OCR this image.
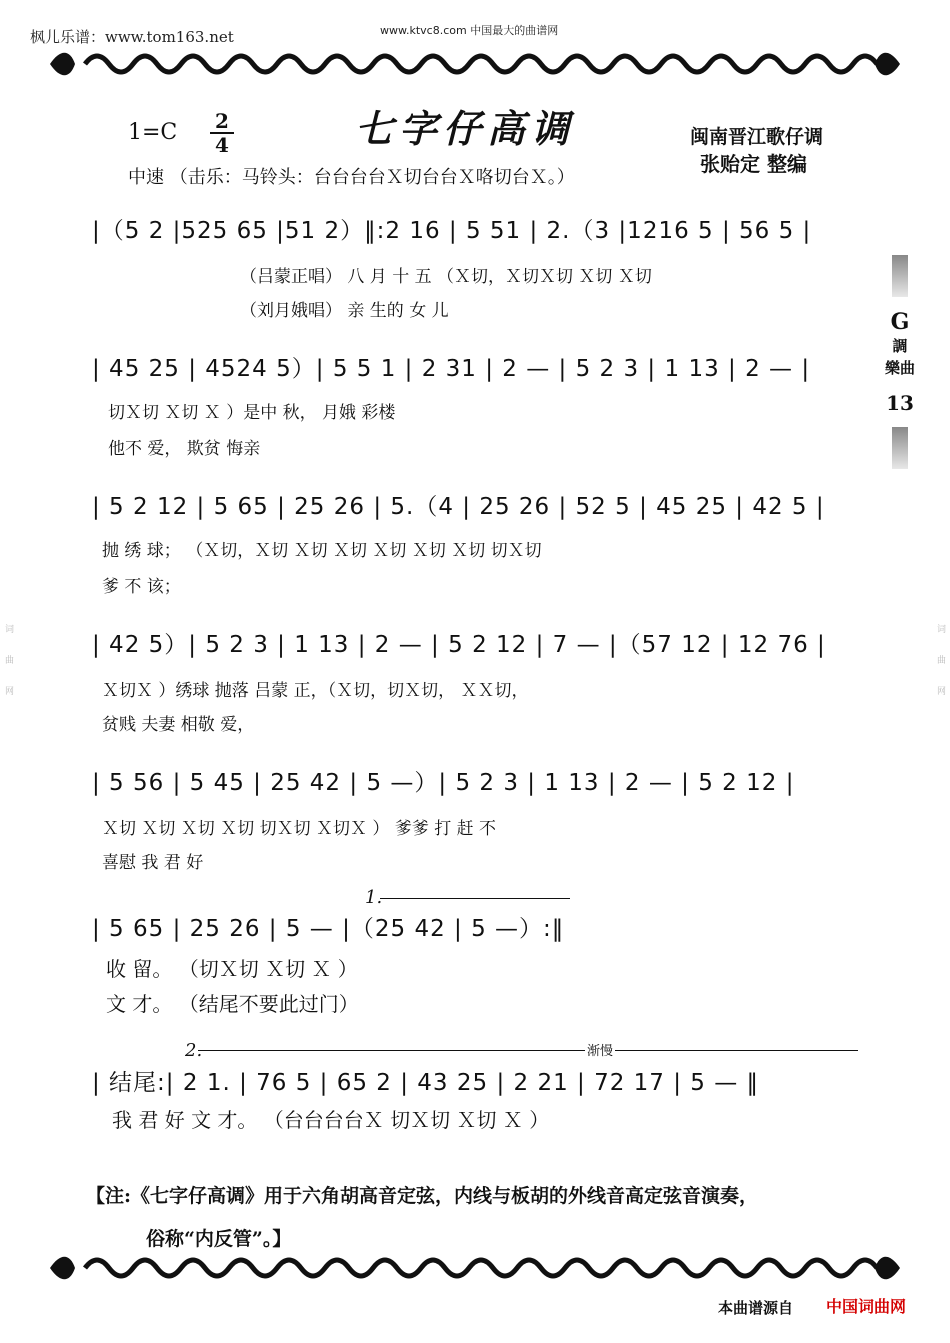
枫儿乐谱：www.tom163.net	www.ktvc8.com 中国最大的曲谱网
词曲网	词曲网
七字仔高调
1=C 2
4	闽南晋江歌仔调
张贻定 整编
中速 （击乐：马铃头：台台台台Ｘ切台台Ｘ咯切台Ｘ。）
G
調
樂曲
13
|（5 2 |525 65 |51 2）‖:2 16 | 5 51 | 2.（3 |1216 5 | 56 5 |
（吕蒙正唱） 八 月 十 五 （Ｘ切，Ｘ切Ｘ切 Ｘ切 Ｘ切
（刘月娥唱） 亲 生的 女 儿
| 45 25 | 4524 5）| 5 5 1 | 2 31 | 2 — | 5 2 3 | 1 13 | 2 — |
切Ｘ切 Ｘ切 Ｘ ）是中 秋， 月娥 彩楼
他不 爱， 欺贫 悔亲
| 5 2 12 | 5 65 | 25 26 | 5.（4 | 25 26 | 52 5 | 45 25 | 42 5 |
抛 绣 球； （Ｘ切，Ｘ切 Ｘ切 Ｘ切 Ｘ切 Ｘ切 Ｘ切 切Ｘ切
爹 不 该；
| 42 5）| 5 2 3 | 1 13 | 2 — | 5 2 12 | 7 — |（57 12 | 12 76 |
Ｘ切Ｘ ）绣球 抛落 吕蒙 正，（Ｘ切，切Ｘ切， ＸＸ切，
贫贱 夫妻 相敬 爱，
| 5 56 | 5 45 | 25 42 | 5 —）| 5 2 3 | 1 13 | 2 — | 5 2 12 |
Ｘ切 Ｘ切 Ｘ切 Ｘ切 切Ｘ切 Ｘ切Ｘ ） 爹爹 打 赶 不
喜慰 我 君 好
1.
| 5 65 | 25 26 | 5 — |（25 42 | 5 —）:‖
收 留。 （切Ｘ切 Ｘ切 Ｘ ）
文 才。 （结尾不要此过门）
2.	渐慢
| 结尾:| 2 1. | 76 5 | 65 2 | 43 25 | 2 21 | 72 17 | 5 — ‖
我 君 好 文 才。 （台台台台Ｘ 切Ｘ切 Ｘ切 Ｘ ）
【注:《七字仔高调》用于六角胡高音定弦，内线与板胡的外线音高定弦音演奏，
俗称“内反管”。】
本曲谱源自 中国词曲网
